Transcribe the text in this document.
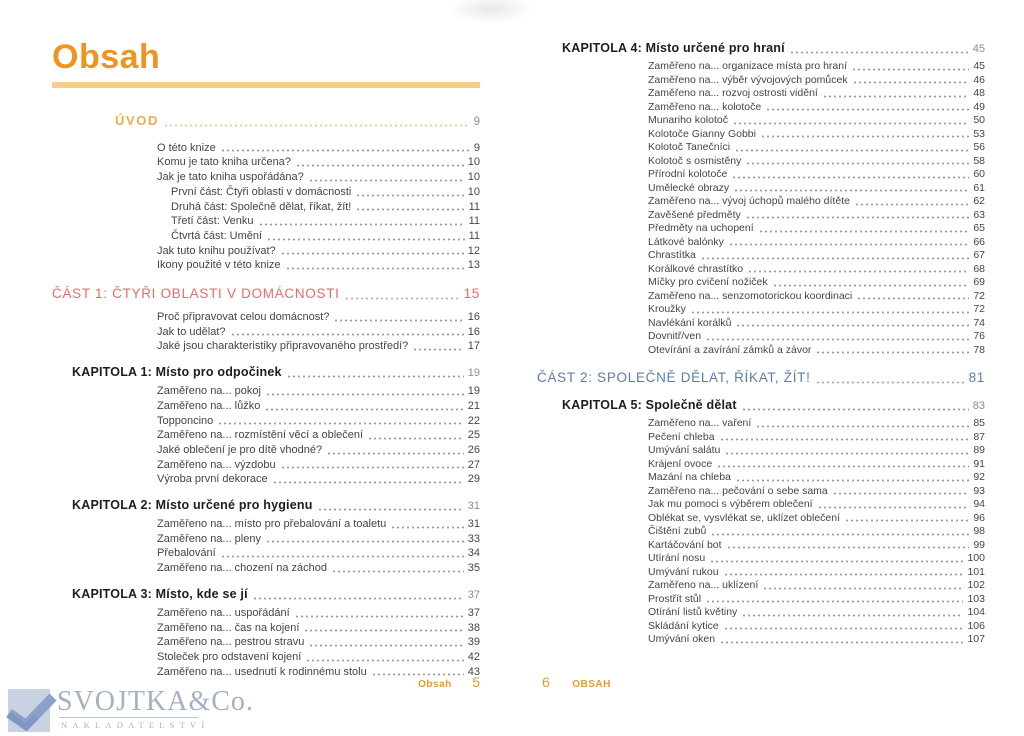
Obsah
ÚVOD	9
O této knize	9
Komu je tato kniha určena?	10
Jak je tato kniha uspořádána?	10
První část: Čtyři oblasti v domácnosti	10
Druhá část: Společně dělat, říkat, žít!	11
Třetí část: Venku	11
Čtvrtá část: Umění	11
Jak tuto knihu používat?	12
Ikony použité v této knize	13
ČÁST 1: ČTYŘI OBLASTI V DOMÁCNOSTI	15
Proč připravovat celou domácnost?	16
Jak to udělat?	16
Jaké jsou charakteristiky připravovaného prostředí?	17
KAPITOLA 1: Místo pro odpočinek	19
Zaměřeno na... pokoj	19
Zaměřeno na... lůžko	21
Topponcino	22
Zaměřeno na... rozmístění věcí a oblečení	25
Jaké oblečení je pro dítě vhodné?	26
Zaměřeno na... výzdobu	27
Výroba první dekorace	29
KAPITOLA 2: Místo určené pro hygienu	31
Zaměřeno na... místo pro přebalování a toaletu	31
Zaměřeno na... pleny	33
Přebalování	34
Zaměřeno na... chození na záchod	35
KAPITOLA 3: Místo, kde se jí	37
Zaměřeno na... uspořádání	37
Zaměřeno na... čas na kojení	38
Zaměřeno na... pestrou stravu	39
Stoleček pro odstavení kojení	42
Zaměřeno na... usednutí k rodinnému stolu	43
KAPITOLA 4: Místo určené pro hraní	45
Zaměřeno na... organizace místa pro hraní	45
Zaměřeno na... výběr vývojových pomůcek	46
Zaměřeno na... rozvoj ostrosti vidění	48
Zaměřeno na... kolotoče	49
Munariho kolotoč	50
Kolotoče Gianny Gobbi	53
Kolotoč Tanečníci	56
Kolotoč s osmistěny	58
Přírodní kolotoče	60
Umělecké obrazy	61
Zaměřeno na... vývoj úchopů malého dítěte	62
Zavěšené předměty	63
Předměty na uchopení	65
Látkové balónky	66
Chrastítka	67
Korálkové chrastítko	68
Míčky pro cvičení nožiček	69
Zaměřeno na... senzomotorickou koordinaci	72
Kroužky	72
Navlékání korálků	74
Dovnitř/ven	76
Otevírání a zavírání zámků a závor	78
ČÁST 2: SPOLEČNĚ DĚLAT, ŘÍKAT, ŽÍT!	81
KAPITOLA 5: Společně dělat	83
Zaměřeno na... vaření	85
Pečení chleba	87
Umývání salátu	89
Krájení ovoce	91
Mazání na chleba	92
Zaměřeno na... pečování o sebe sama	93
Jak mu pomoci s výběrem oblečení	94
Oblékat se, vysvlékat se, uklízet oblečení	96
Čištění zubů	98
Kartáčování bot	99
Utírání nosu	100
Umývání rukou	101
Zaměřeno na... uklízení	102
Prostřít stůl	103
Otírání listů květiny	104
Skládání kytice	106
Umývání oken	107
Obsah 5	6 OBSAH
SVOJTKA&Co.
NAKLADATELSTVÍ
